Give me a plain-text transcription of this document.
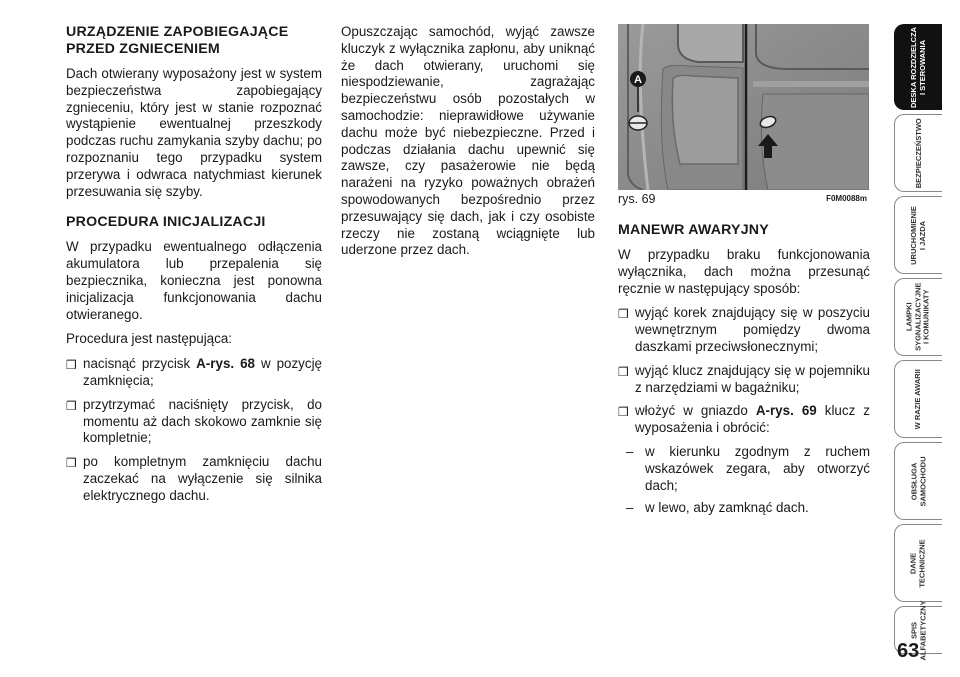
URZĄDZENIE ZAPOBIEGAJĄCE
PRZED ZGNIECENIEM

Dach otwierany wyposażony jest w system bezpieczeństwa zapobiegający zgnieceniu, który jest w stanie rozpoznać wystąpienie ewentualnej przeszkody podczas ruchu zamykania szyby dachu; po rozpoznaniu tego przypadku system przerywa i odwraca natychmiast kierunek przesuwania się szyby.

PROCEDURA INICJALIZACJI

W przypadku ewentualnego odłączenia akumulatora lub przepalenia się bezpiecznika, konieczna jest ponowna inicjalizacja funkcjonowania dachu otwieranego.

Procedura jest następująca:

❒ nacisnąć przycisk A-rys. 68 w pozycję zamknięcia;
❒ przytrzymać naciśnięty przycisk, do momentu aż dach skokowo zamknie się kompletnie;
❒ po kompletnym zamknięciu dachu zaczekać na wyłączenie się silnika elektrycznego dachu.

Opuszczając samochód, wyjąć zawsze kluczyk z wyłącznika zapłonu, aby uniknąć że dach otwierany, uruchomi się niespodziewanie, zagrażając bezpieczeństwu osób pozostałych w samochodzie: nieprawidłowe używanie dachu może być niebezpieczne. Przed i podczas działania dachu upewnić się zawsze, czy pasażerowie nie będą narażeni na ryzyko poważnych obrażeń spowodowanych bezpośrednio przez przesuwający się dach, jak i czy osobiste rzeczy nie zostaną wciągnięte lub uderzone przez dach.

A
rys. 69	F0M0088m
MANEWR AWARYJNY

W przypadku braku funkcjonowania wyłącznika, dach można przesunąć ręcznie w następujący sposób:

❒ wyjąć korek znajdujący się w poszyciu wewnętrznym pomiędzy dwoma daszkami przeciwsłonecznymi;
❒ wyjąć klucz znajdujący się w pojemniku z narzędziami w bagażniku;
❒ włożyć w gniazdo A-rys. 69 klucz z wyposażenia i obrócić:
– w kierunku zgodnym z ruchem wskazówek zegara, aby otworzyć dach;
– w lewo, aby zamknąć dach.
DESKA ROZDZIELCZA
I STEROWANIA
BEZPIECZEŃSTWO
URUCHOMIENIE
I JAZDA
LAMPKI
SYGNALIZACYJNE
I KOMUNIKATY
W RAZIE AWARII
OBSŁUGA
SAMOCHODU
DANE
TECHNICZNE
SPIS
ALFABETYCZNY
63
